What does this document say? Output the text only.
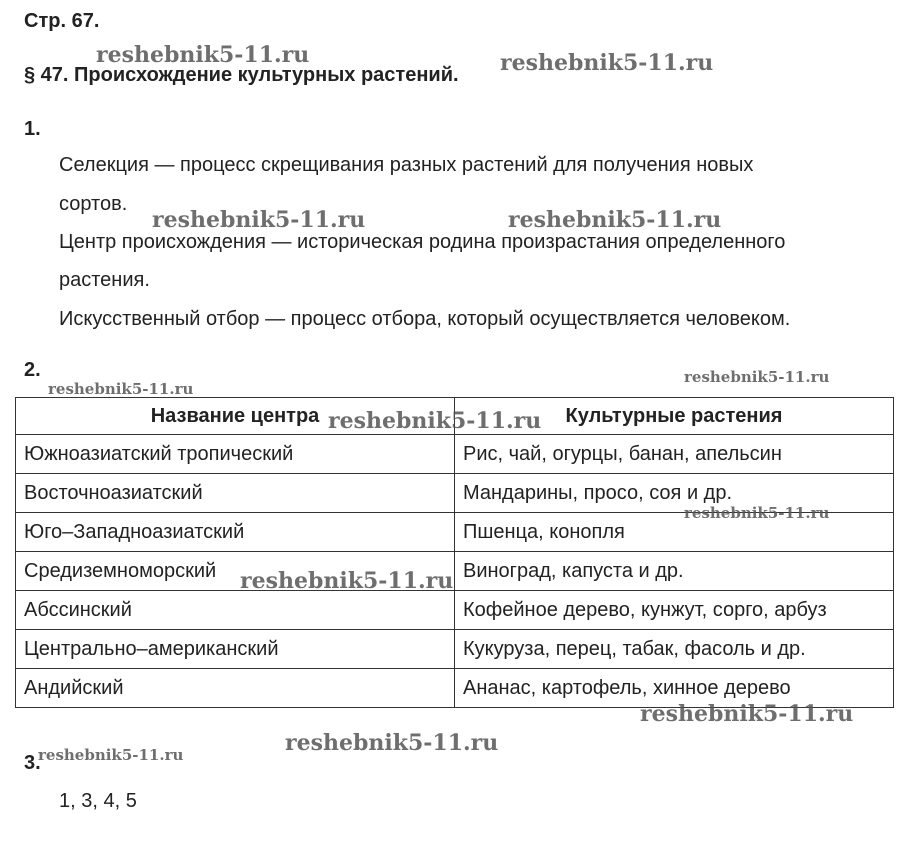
Стр. 67.
§ 47. Происхождение культурных растений.
1.
Селекция — процесс скрещивания разных растений для получения новых
сортов.
Центр происхождения — историческая родина произрастания определенного
растения.
Искусственный отбор — процесс отбора, который осуществляется человеком.
2.
Название центра	Культурные растения
Южноазиатский тропический	Рис, чай, огурцы, банан, апельсин
Восточноазиатский	Мандарины, просо, соя и др.
Юго–Западноазиатский	Пшенца, конопля
Средиземноморский	Виноград, капуста и др.
Абссинский	Кофейное дерево, кунжут, сорго, арбуз
Центрально–американский	Кукуруза, перец, табак, фасоль и др.
Андийский	Ананас, картофель, хинное дерево
3.
1, 3, 4, 5
reshebnik5-11.ru	reshebnik5-11.ru
reshebnik5-11.ru	reshebnik5-11.ru
reshebnik5-11.ru
reshebnik5-11.ru
reshebnik5-11.ru
reshebnik5-11.ru
reshebnik5-11.ru
reshebnik5-11.ru
reshebnik5-11.ru
reshebnik5-11.ru
